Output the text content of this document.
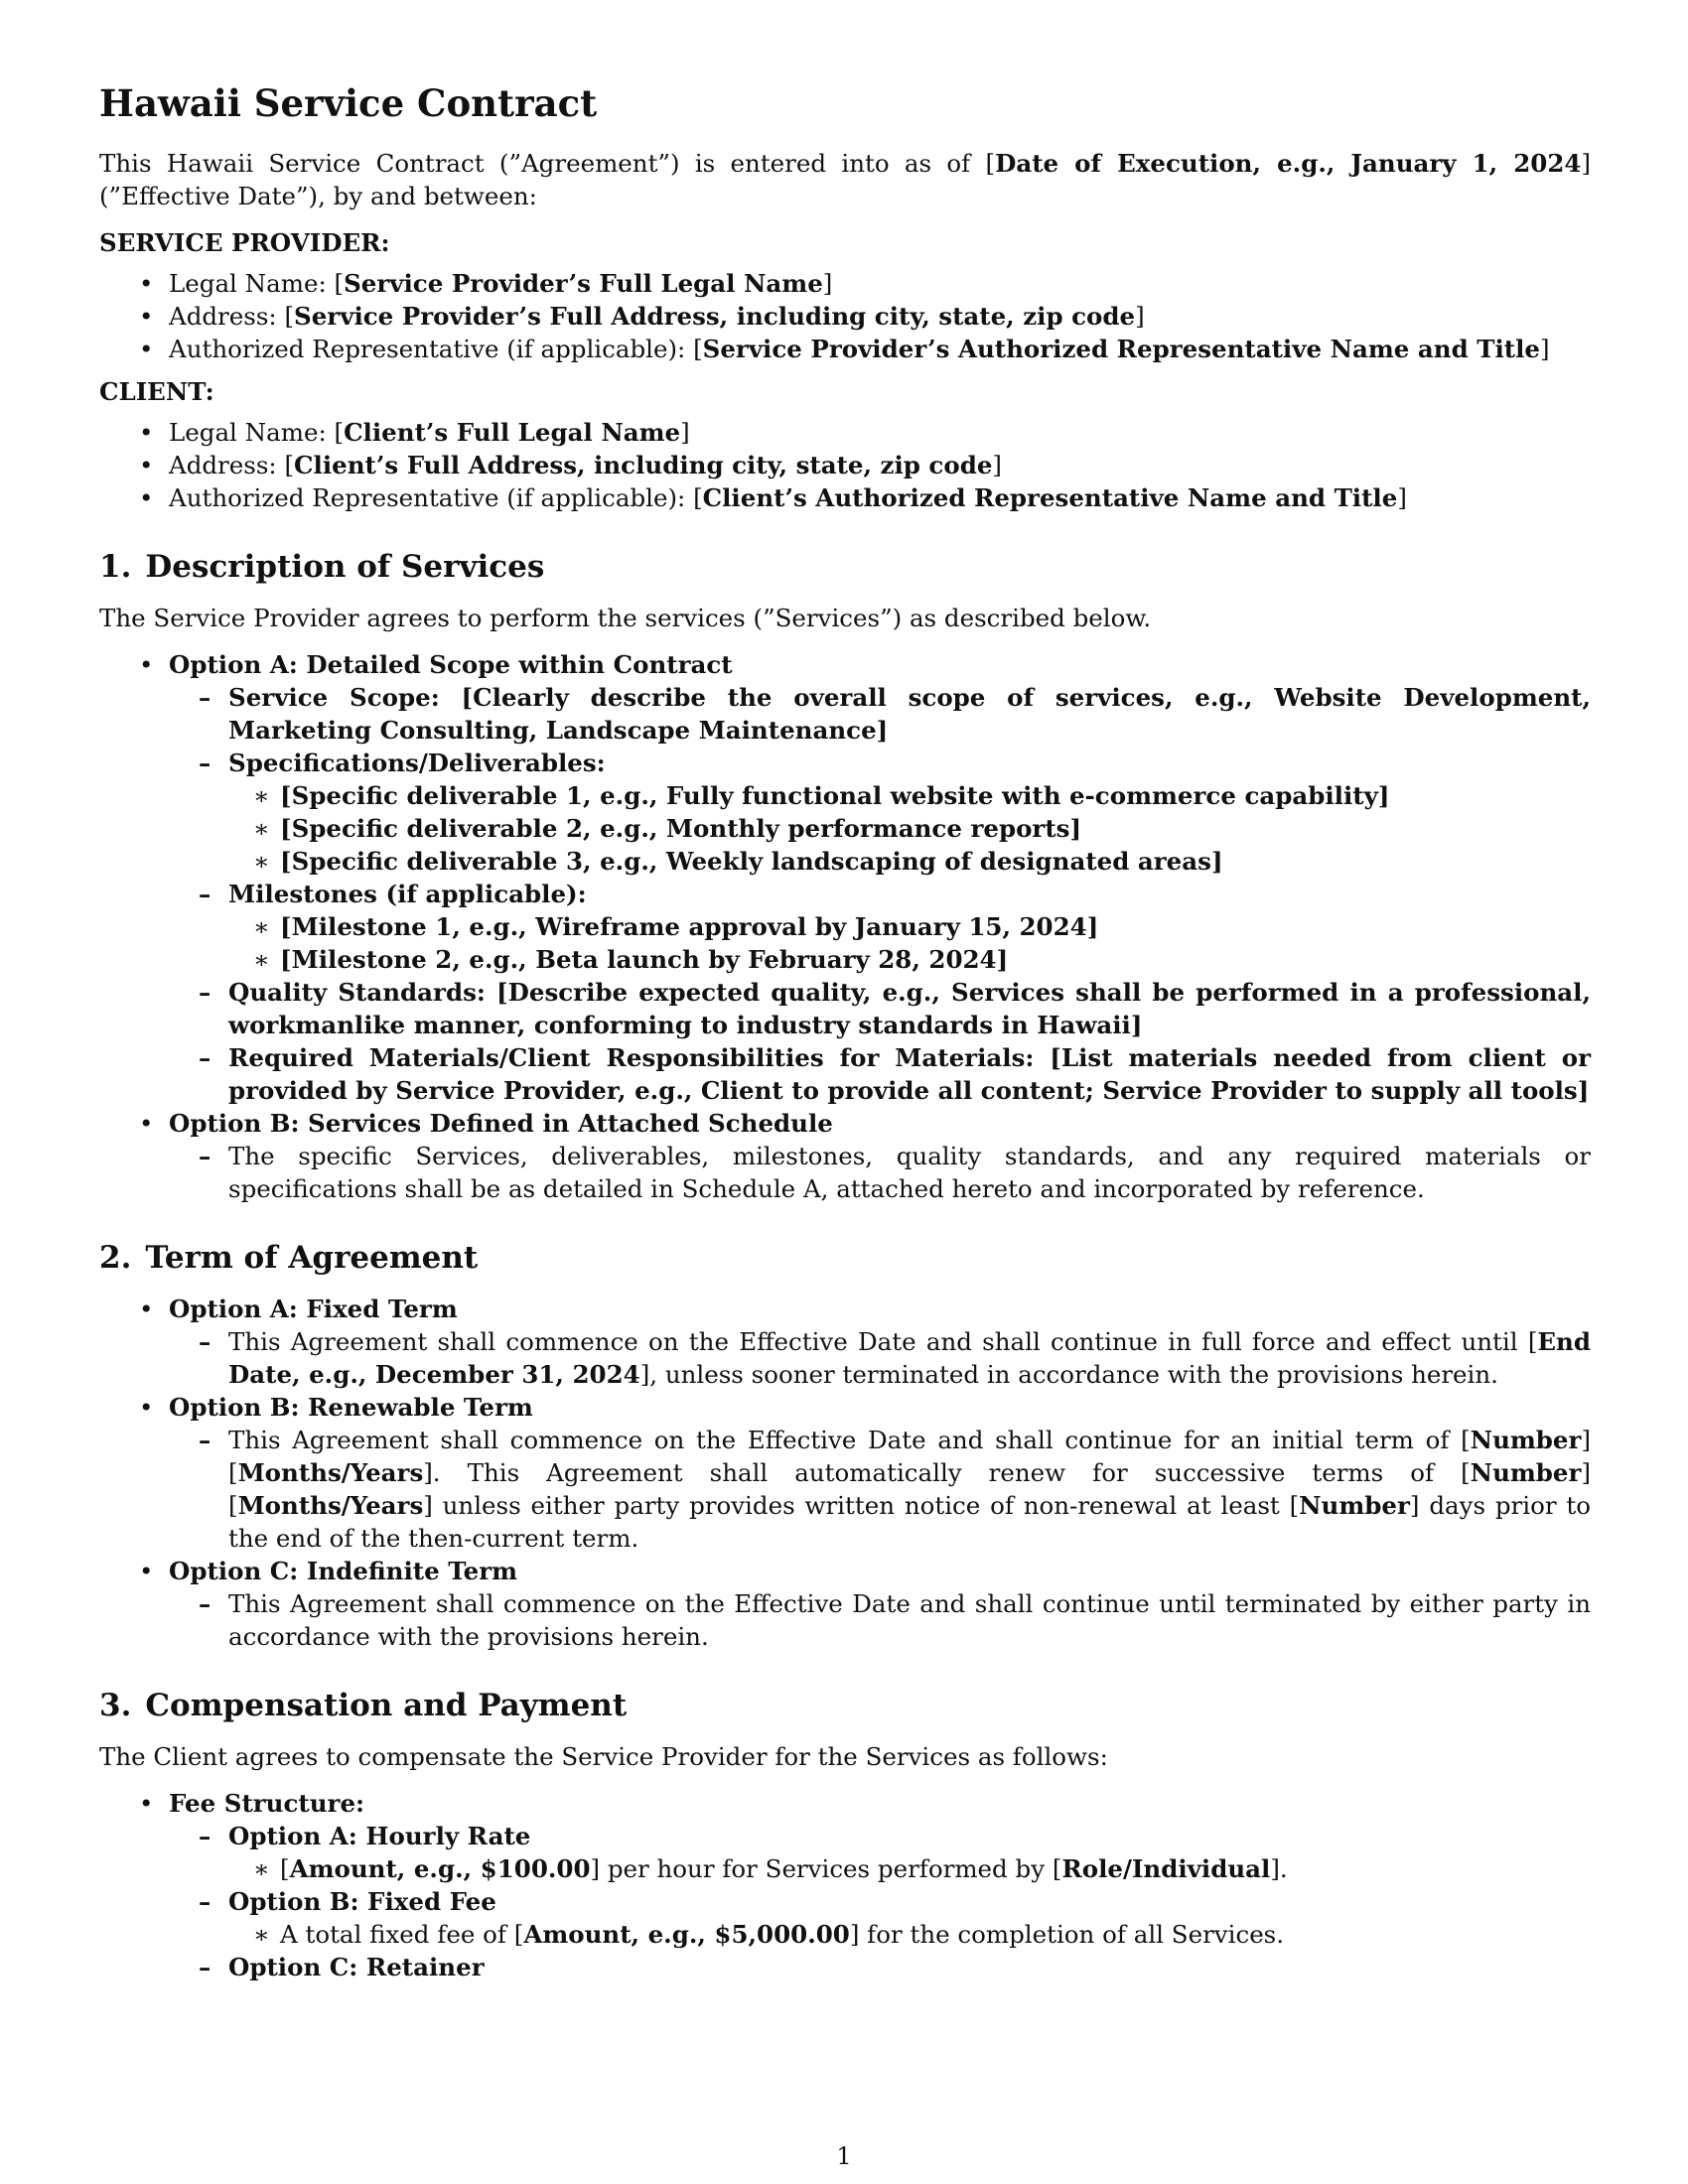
Hawaii Service Contract

This Hawaii Service Contract (”Agreement”) is entered into as of [Date of Execution, e.g., January 1, 2024] (”Effective Date”), by and between:

SERVICE PROVIDER:

• Legal Name: [Service Provider’s Full Legal Name]
• Address: [Service Provider’s Full Address, including city, state, zip code]
• Authorized Representative (if applicable): [Service Provider’s Authorized Representative Name and Title]

CLIENT:

• Legal Name: [Client’s Full Legal Name]
• Address: [Client’s Full Address, including city, state, zip code]
• Authorized Representative (if applicable): [Client’s Authorized Representative Name and Title]
1. Description of Services

The Service Provider agrees to perform the services (”Services”) as described below.

• Option A: Detailed Scope within Contract
– Service Scope: [Clearly describe the overall scope of services, e.g., Website Development, Marketing Consulting, Landscape Maintenance]
– Specifications/Deliverables:
∗ [Specific deliverable 1, e.g., Fully functional website with e-commerce capability]
∗ [Specific deliverable 2, e.g., Monthly performance reports]
∗ [Specific deliverable 3, e.g., Weekly landscaping of designated areas]
– Milestones (if applicable):
∗ [Milestone 1, e.g., Wireframe approval by January 15, 2024]
∗ [Milestone 2, e.g., Beta launch by February 28, 2024]
– Quality Standards: [Describe expected quality, e.g., Services shall be performed in a professional, workmanlike manner, conforming to industry standards in Hawaii]
– Required Materials/Client Responsibilities for Materials: [List materials needed from client or provided by Service Provider, e.g., Client to provide all content; Service Provider to supply all tools]
• Option B: Services Defined in Attached Schedule
– The specific Services, deliverables, milestones, quality standards, and any required materials or specifications shall be as detailed in Schedule A, attached hereto and incorporated by reference.
2. Term of Agreement
• Option A: Fixed Term
– This Agreement shall commence on the Effective Date and shall continue in full force and effect until [End Date, e.g., December 31, 2024], unless sooner terminated in accordance with the provisions herein.
• Option B: Renewable Term
– This Agreement shall commence on the Effective Date and shall continue for an initial term of [Number] [Months/Years]. This Agreement shall automatically renew for successive terms of [Number] [Months/Years] unless either party provides written notice of non-renewal at least [Number] days prior to the end of the then-current term.
• Option C: Indefinite Term
– This Agreement shall commence on the Effective Date and shall continue until terminated by either party in accordance with the provisions herein.
3. Compensation and Payment

The Client agrees to compensate the Service Provider for the Services as follows:

• Fee Structure:
– Option A: Hourly Rate
∗ [Amount, e.g., $100.00] per hour for Services performed by [Role/Individual].
– Option B: Fixed Fee
∗ A total fixed fee of [Amount, e.g., $5,000.00] for the completion of all Services.
– Option C: Retainer
1
